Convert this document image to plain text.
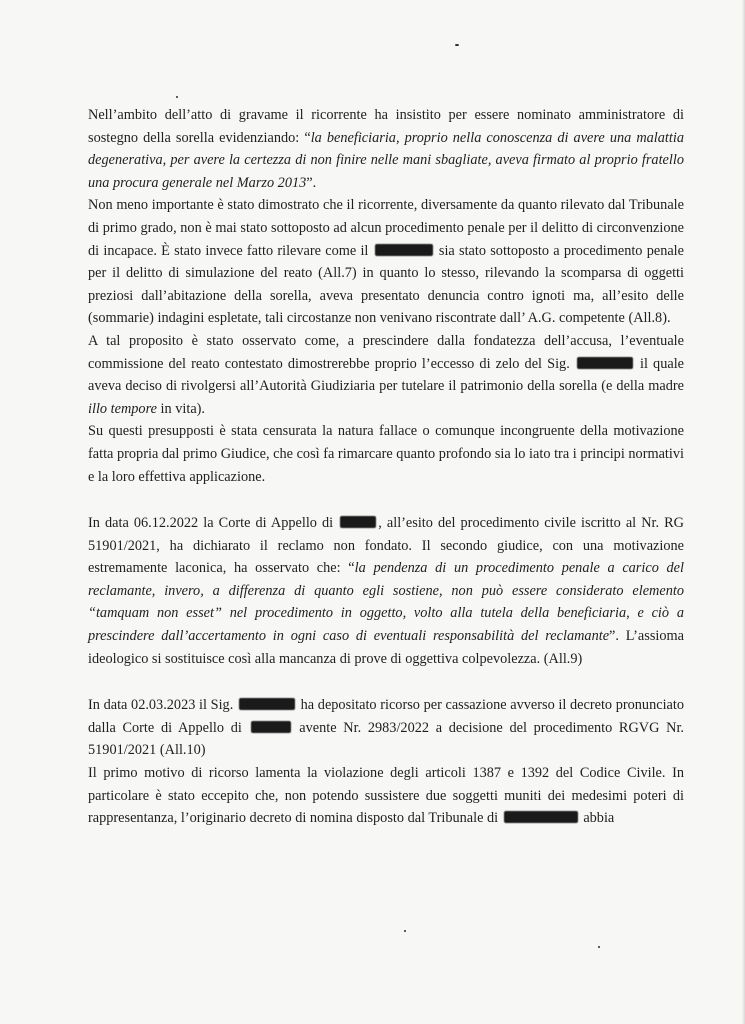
Nell’ambito dell’atto di gravame il ricorrente ha insistito per essere nominato amministratore di sostegno della sorella evidenziando: “la beneficiaria, proprio nella conoscenza di avere una malattia degenerativa, per avere la certezza di non finire nelle mani sbagliate, aveva firmato al proprio fratello una procura generale nel Marzo 2013”.

Non meno importante è stato dimostrato che il ricorrente, diversamente da quanto rilevato dal Tribunale di primo grado, non è mai stato sottoposto ad alcun procedimento penale per il delitto di circonvenzione di incapace. È stato invece fatto rilevare come il	sia stato sottoposto a procedimento penale per il delitto di simulazione del reato (All.7) in quanto lo stesso, rilevando la scomparsa di oggetti preziosi dall’abitazione della sorella, aveva presentato denuncia contro ignoti ma, all’esito delle (sommarie) indagini espletate, tali circostanze non venivano riscontrate dall’ A.G. competente (All.8).

A tal proposito è stato osservato come, a prescindere dalla fondatezza dell’accusa, l’eventuale commissione del reato contestato dimostrerebbe proprio l’eccesso di zelo del Sig.	il quale aveva deciso di rivolgersi all’Autorità Giudiziaria per tutelare il patrimonio della sorella (e della madre illo tempore in vita).

Su questi presupposti è stata censurata la natura fallace o comunque incongruente della motivazione fatta propria dal primo Giudice, che così fa rimarcare quanto profondo sia lo iato tra i principi normativi e la loro effettiva applicazione.

In data 06.12.2022 la Corte di Appello di	, all’esito del procedimento civile iscritto al Nr. RG 51901/2021, ha dichiarato il reclamo non fondato. Il secondo giudice, con una motivazione estremamente laconica, ha osservato che: “la pendenza di un procedimento penale a carico del reclamante, invero, a differenza di quanto egli sostiene, non può essere considerato elemento “tamquam non esset” nel procedimento in oggetto, volto alla tutela della beneficiaria, e ciò a prescindere dall’accertamento in ogni caso di eventuali responsabilità del reclamante”. L’assioma ideologico si sostituisce così alla mancanza di prove di oggettiva colpevolezza. (All.9)

In data 02.03.2023 il Sig.	ha depositato ricorso per cassazione avverso il decreto pronunciato dalla Corte di Appello di	avente Nr. 2983/2022 a decisione del procedimento RGVG Nr. 51901/2021 (All.10)

Il primo motivo di ricorso lamenta la violazione degli articoli 1387 e 1392 del Codice Civile. In particolare è stato eccepito che, non potendo sussistere due soggetti muniti dei medesimi poteri di rappresentanza, l’originario decreto di nomina disposto dal Tribunale di	abbia
